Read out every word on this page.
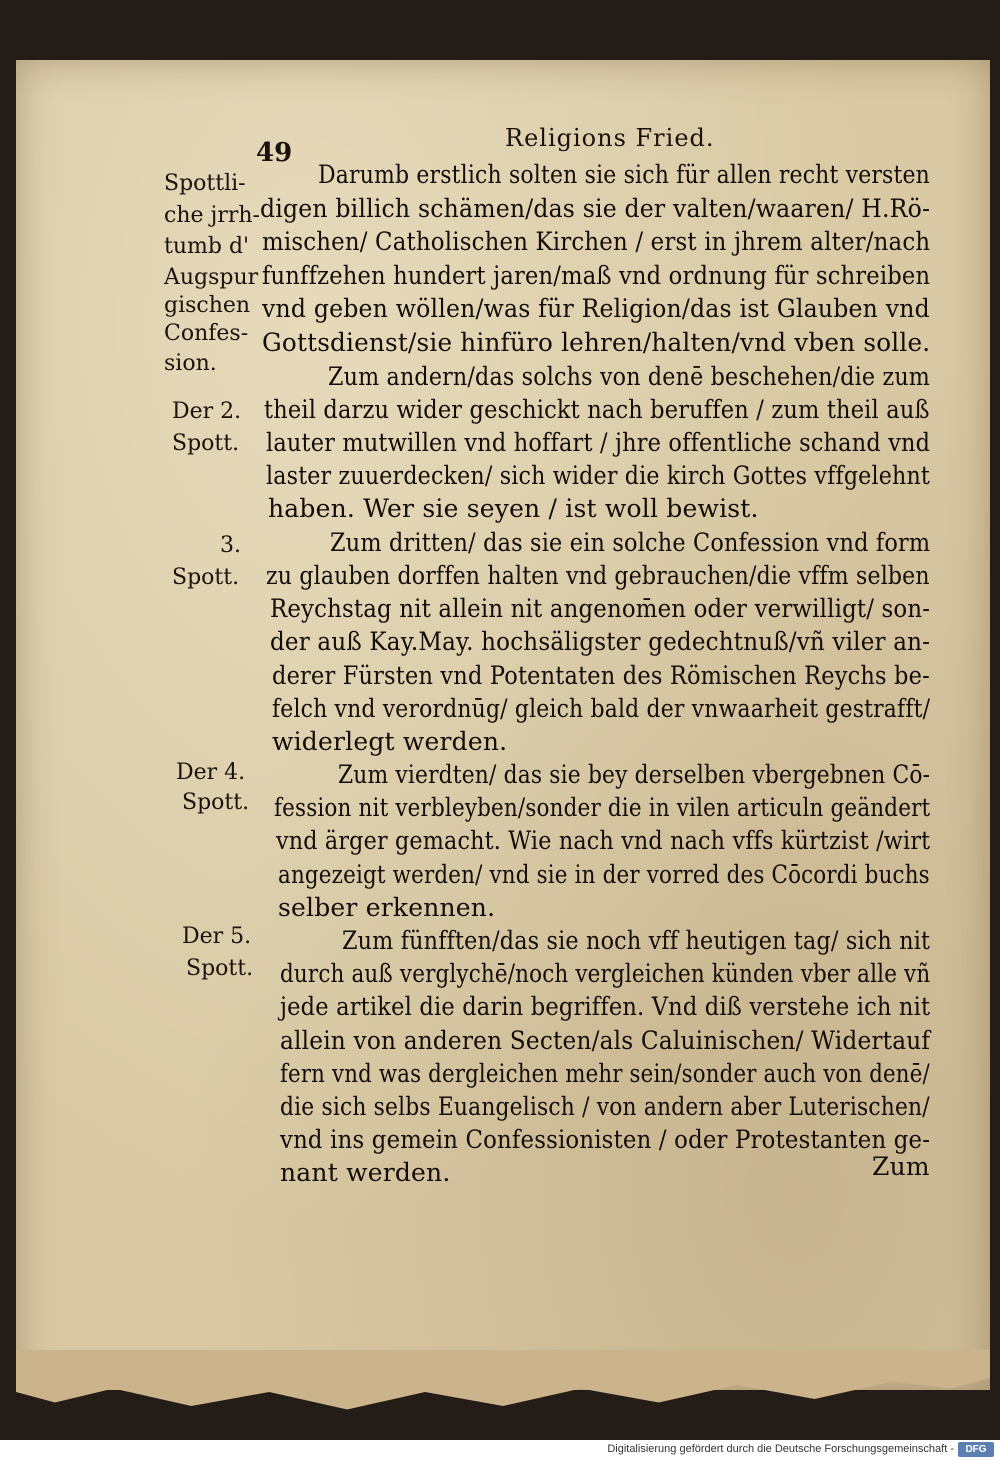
49	Religions Fried.
Spottli-
che jrrh-
tumb d'
Augspur
gischen
Confes-
sion.
Der 2.
Spott.
3.
Spott.
Der 4.
Spott.
Der 5.
Spott.
Darumb erstlich solten sie sich für allen recht versten
digen billich schämen/das sie der valten/waaren/ H.Rö-
mischen/ Catholischen Kirchen / erst in jhrem alter/nach
funffzehen hundert jaren/maß vnd ordnung für schreiben
vnd geben wöllen/was für Religion/das ist Glauben vnd
Gottsdienst/sie hinfüro lehren/halten/vnd vben solle.
Zum andern/das solchs von denē beschehen/die zum
theil darzu wider geschickt nach beruffen / zum theil auß
lauter mutwillen vnd hoffart / jhre offentliche schand vnd
laster zuuerdecken/ sich wider die kirch Gottes vffgelehnt
haben. Wer sie seyen / ist woll bewist.
Zum dritten/ das sie ein solche Confession vnd form
zu glauben dorffen halten vnd gebrauchen/die vffm selben
Reychstag nit allein nit angenom̄en oder verwilligt/ son-
der auß Kay.May. hochsäligster gedechtnuß/vñ viler an-
derer Fürsten vnd Potentaten des Römischen Reychs be-
felch vnd verordnūg/ gleich bald der vnwaarheit gestrafft/
widerlegt werden.
Zum vierdten/ das sie bey derselben vbergebnen Cō-
fession nit verbleyben/sonder die in vilen articuln geändert
vnd ärger gemacht. Wie nach vnd nach vffs kürtzist /wirt
angezeigt werden/ vnd sie in der vorred des Cōcordi buchs
selber erkennen.
Zum fünfften/das sie noch vff heutigen tag/ sich nit
durch auß verglychē/noch vergleichen künden vber alle vñ
jede artikel die darin begriffen. Vnd diß verstehe ich nit
allein von anderen Secten/als Caluinischen/ Widertauf
fern vnd was dergleichen mehr sein/sonder auch von denē/
die sich selbs Euangelisch / von andern aber Luterischen/
vnd ins gemein Confessionisten / oder Protestanten ge-
nant werden.	Zum
Digitalisierung gefördert durch die Deutsche Forschungsgemeinschaft -	DFG
